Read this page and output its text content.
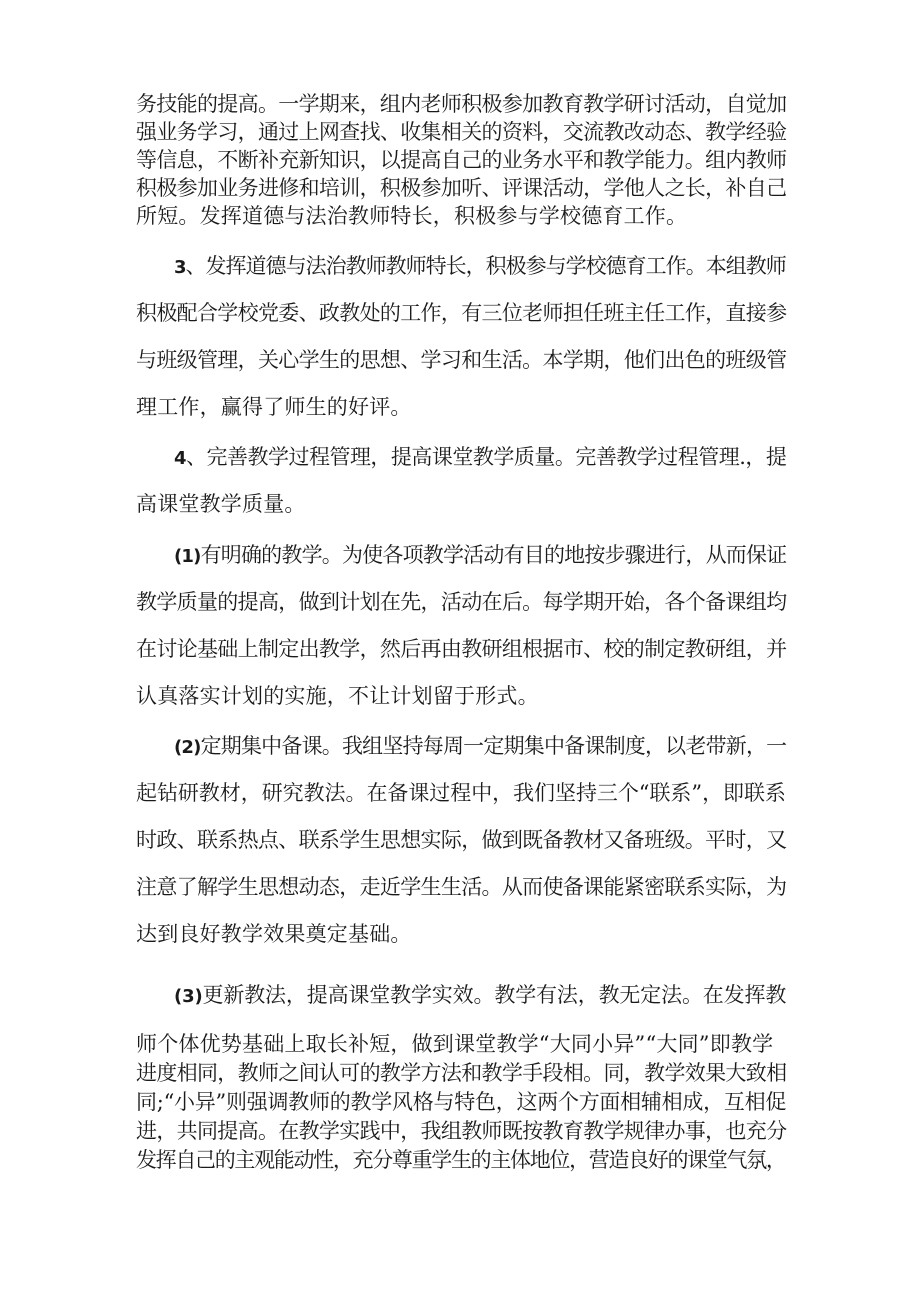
务技能的提高。一学期来，组内老师积极参加教育教学研讨活动，自觉加
强业务学习，通过上网查找、收集相关的资料，交流教改动态、教学经验
等信息，不断补充新知识，以提高自己的业务水平和教学能力。组内教师
积极参加业务进修和培训，积极参加听、评课活动，学他人之长，补自己
所短。发挥道德与法治教师特长，积极参与学校德育工作。
3、发挥道德与法治教师教师特长，积极参与学校德育工作。本组教师
积极配合学校党委、政教处的工作，有三位老师担任班主任工作，直接参
与班级管理，关心学生的思想、学习和生活。本学期，他们出色的班级管
理工作，赢得了师生的好评。
4、完善教学过程管理，提高课堂教学质量。完善教学过程管理.，提
高课堂教学质量。
(1)有明确的教学。为使各项教学活动有目的地按步骤进行，从而保证
教学质量的提高，做到计划在先，活动在后。每学期开始，各个备课组均
在讨论基础上制定出教学，然后再由教研组根据市、校的制定教研组，并
认真落实计划的实施，不让计划留于形式。
(2)定期集中备课。我组坚持每周一定期集中备课制度，以老带新，一
起钻研教材，研究教法。在备课过程中，我们坚持三个“联系”，即联系
时政、联系热点、联系学生思想实际，做到既备教材又备班级。平时，又
注意了解学生思想动态，走近学生生活。从而使备课能紧密联系实际，为
达到良好教学效果奠定基础。
(3)更新教法，提高课堂教学实效。教学有法，教无定法。在发挥教
师个体优势基础上取长补短，做到课堂教学“大同小异”“大同”即教学
进度相同，教师之间认可的教学方法和教学手段相。同，教学效果大致相
同;“小异”则强调教师的教学风格与特色，这两个方面相辅相成，互相促
进，共同提高。在教学实践中，我组教师既按教育教学规律办事，也充分
发挥自己的主观能动性，充分尊重学生的主体地位，营造良好的课堂气氛，
